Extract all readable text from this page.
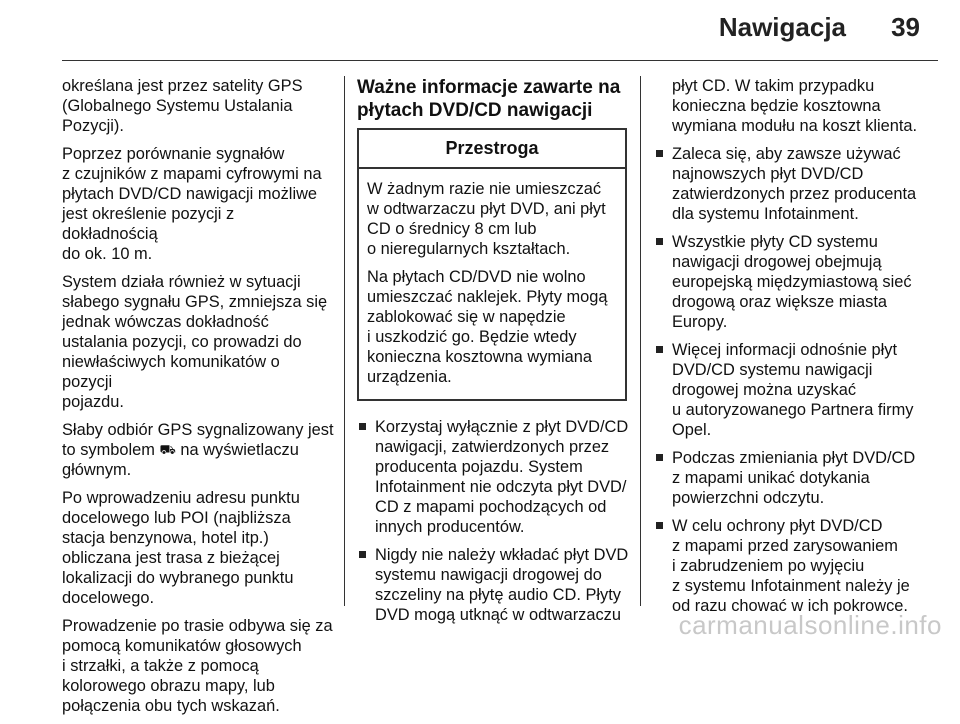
Nawigacja 39

określana jest przez satelity GPS
(Globalnego Systemu Ustalania
Pozycji).

Poprzez porównanie sygnałów
z czujników z mapami cyfrowymi na
płytach DVD/CD nawigacji możliwe
jest określenie pozycji z dokładnością
do ok. 10 m.

System działa również w sytuacji
słabego sygnału GPS, zmniejsza się
jednak wówczas dokładność
ustalania pozycji, co prowadzi do
niewłaściwych komunikatów o pozycji
pojazdu.

Słaby odbiór GPS sygnalizowany jest
to symbolem ⛟ na wyświetlaczu
głównym.

Po wprowadzeniu adresu punktu
docelowego lub POI (najbliższa
stacja benzynowa, hotel itp.)
obliczana jest trasa z bieżącej
lokalizacji do wybranego punktu
docelowego.

Prowadzenie po trasie odbywa się za
pomocą komunikatów głosowych
i strzałki, a także z pomocą
kolorowego obrazu mapy, lub
połączenia obu tych wskazań.

Ważne informacje zawarte na
płytach DVD/CD nawigacji
Przestroga

W żadnym razie nie umieszczać
w odtwarzaczu płyt DVD, ani płyt
CD o średnicy 8 cm lub
o nieregularnych kształtach.

Na płytach CD/DVD nie wolno
umieszczać naklejek. Płyty mogą
zablokować się w napędzie
i uszkodzić go. Będzie wtedy
konieczna kosztowna wymiana
urządzenia.

Korzystaj wyłącznie z płyt DVD/CD
nawigacji, zatwierdzonych przez
producenta pojazdu. System
Infotainment nie odczyta płyt DVD/
CD z mapami pochodzących od
innych producentów.
Nigdy nie należy wkładać płyt DVD
systemu nawigacji drogowej do
szczeliny na płytę audio CD. Płyty
DVD mogą utknąć w odtwarzaczu

płyt CD. W takim przypadku
konieczna będzie kosztowna
wymiana modułu na koszt klienta.

Zaleca się, aby zawsze używać
najnowszych płyt DVD/CD
zatwierdzonych przez producenta
dla systemu Infotainment.
Wszystkie płyty CD systemu
nawigacji drogowej obejmują
europejską międzymiastową sieć
drogową oraz większe miasta
Europy.
Więcej informacji odnośnie płyt
DVD/CD systemu nawigacji
drogowej można uzyskać
u autoryzowanego Partnera firmy
Opel.
Podczas zmieniania płyt DVD/CD
z mapami unikać dotykania
powierzchni odczytu.
W celu ochrony płyt DVD/CD
z mapami przed zarysowaniem
i zabrudzeniem po wyjęciu
z systemu Infotainment należy je
od razu chować w ich pokrowce.
carmanualsonline.info
